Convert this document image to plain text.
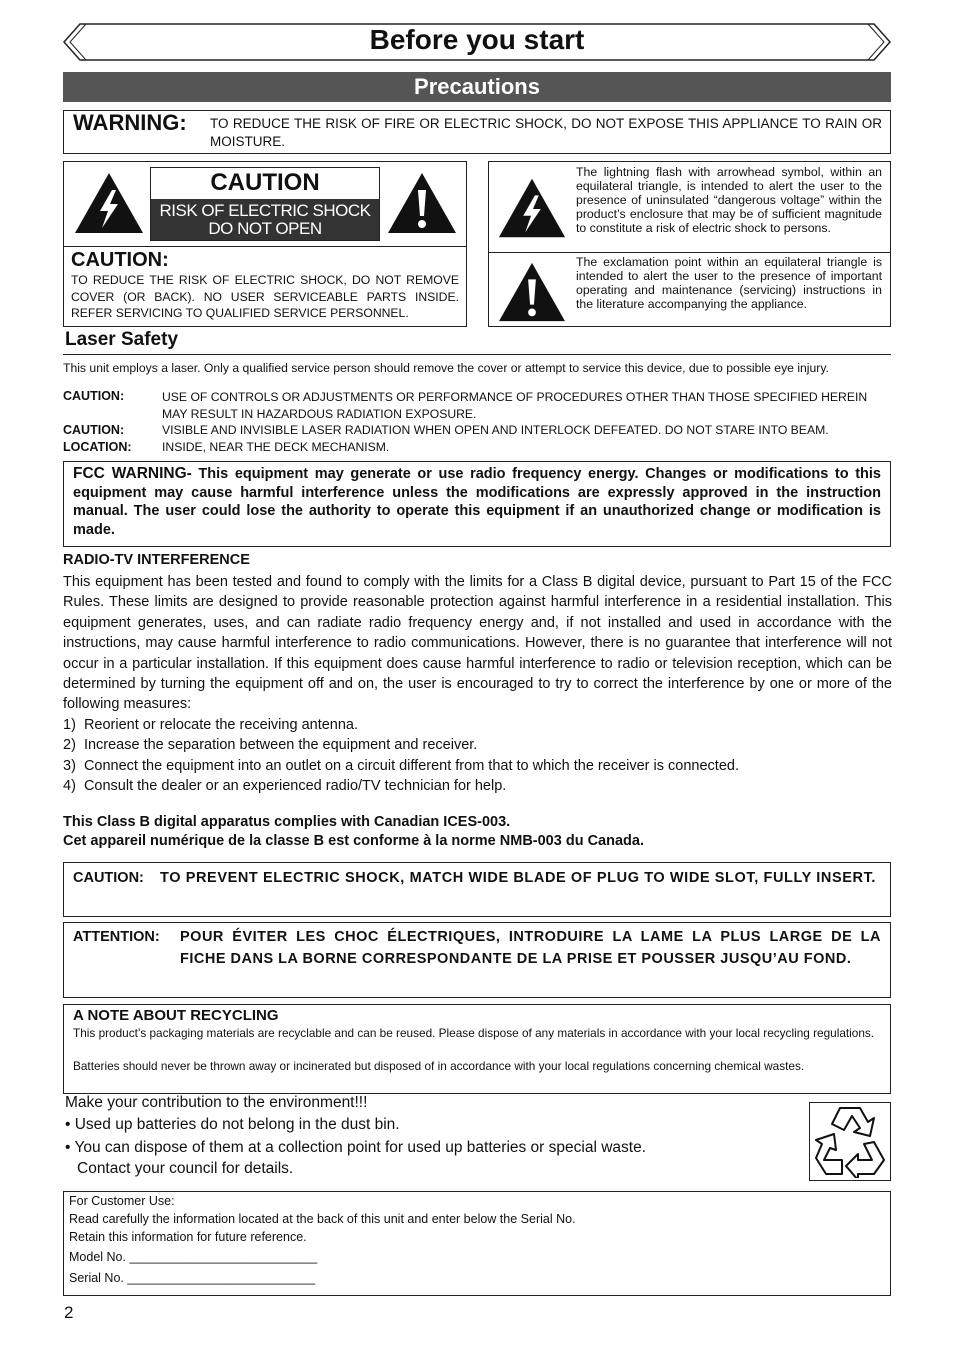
Before you start
Precautions
WARNING: TO REDUCE THE RISK OF FIRE OR ELECTRIC SHOCK, DO NOT EXPOSE THIS APPLIANCE TO RAIN OR MOISTURE.
CAUTION
RISK OF ELECTRIC SHOCK
DO NOT OPEN
CAUTION:
TO REDUCE THE RISK OF ELECTRIC SHOCK, DO NOT REMOVE COVER (OR BACK). NO USER SERVICEABLE PARTS INSIDE. REFER SERVICING TO QUALIFIED SERVICE PERSONNEL.
The lightning flash with arrowhead symbol, within an equilateral triangle, is intended to alert the user to the presence of uninsulated “dangerous voltage” within the product’s enclosure that may be of sufficient magnitude to constitute a risk of electric shock to persons.
The exclamation point within an equilateral triangle is intended to alert the user to the presence of important operating and maintenance (servicing) instructions in the literature accompanying the appliance.
Laser Safety
This unit employs a laser. Only a qualified service person should remove the cover or attempt to service this device, due to possible eye injury.
CAUTION:	USE OF CONTROLS OR ADJUSTMENTS OR PERFORMANCE OF PROCEDURES OTHER THAN THOSE SPECIFIED HEREIN MAY RESULT IN HAZARDOUS RADIATION EXPOSURE.
CAUTION:	VISIBLE AND INVISIBLE LASER RADIATION WHEN OPEN AND INTERLOCK DEFEATED. DO NOT STARE INTO BEAM.
LOCATION: INSIDE, NEAR THE DECK MECHANISM.
FCC WARNING- This equipment may generate or use radio frequency energy. Changes or modifications to this equipment may cause harmful interference unless the modifications are expressly approved in the instruction manual. The user could lose the authority to operate this equipment if an unauthorized change or modification is made.
RADIO-TV INTERFERENCE
This equipment has been tested and found to comply with the limits for a Class B digital device, pursuant to Part 15 of the FCC Rules. These limits are designed to provide reasonable protection against harmful interference in a residential installation. This equipment generates, uses, and can radiate radio frequency energy and, if not installed and used in accordance with the instructions, may cause harmful interference to radio communications. However, there is no guarantee that interference will not occur in a particular installation. If this equipment does cause harmful interference to radio or television reception, which can be determined by turning the equipment off and on, the user is encouraged to try to correct the interference by one or more of the following measures:
1)  Reorient or relocate the receiving antenna.
2)  Increase the separation between the equipment and receiver.
3)  Connect the equipment into an outlet on a circuit different from that to which the receiver is connected.
4)  Consult the dealer or an experienced radio/TV technician for help.
This Class B digital apparatus complies with Canadian ICES-003.
Cet appareil numérique de la classe B est conforme à la norme NMB-003 du Canada.
CAUTION: TO PREVENT ELECTRIC SHOCK, MATCH WIDE BLADE OF PLUG TO WIDE SLOT, FULLY INSERT.
ATTENTION: POUR ÉVITER LES CHOC ÉLECTRIQUES, INTRODUIRE LA LAME LA PLUS LARGE DE LA FICHE DANS LA BORNE CORRESPONDANTE DE LA PRISE ET POUSSER JUSQU’AU FOND.
A NOTE ABOUT RECYCLING
This product’s packaging materials are recyclable and can be reused. Please dispose of any materials in accordance with your local recycling regulations.
Batteries should never be thrown away or incinerated but disposed of in accordance with your local regulations concerning chemical wastes.
Make your contribution to the environment!!!
• Used up batteries do not belong in the dust bin.
• You can dispose of them at a collection point for used up batteries or special waste.
Contact your council for details.
For Customer Use:
Read carefully the information located at the back of this unit and enter below the Serial No.
Retain this information for future reference.
Model No. ___________________________
Serial No. ___________________________
2
